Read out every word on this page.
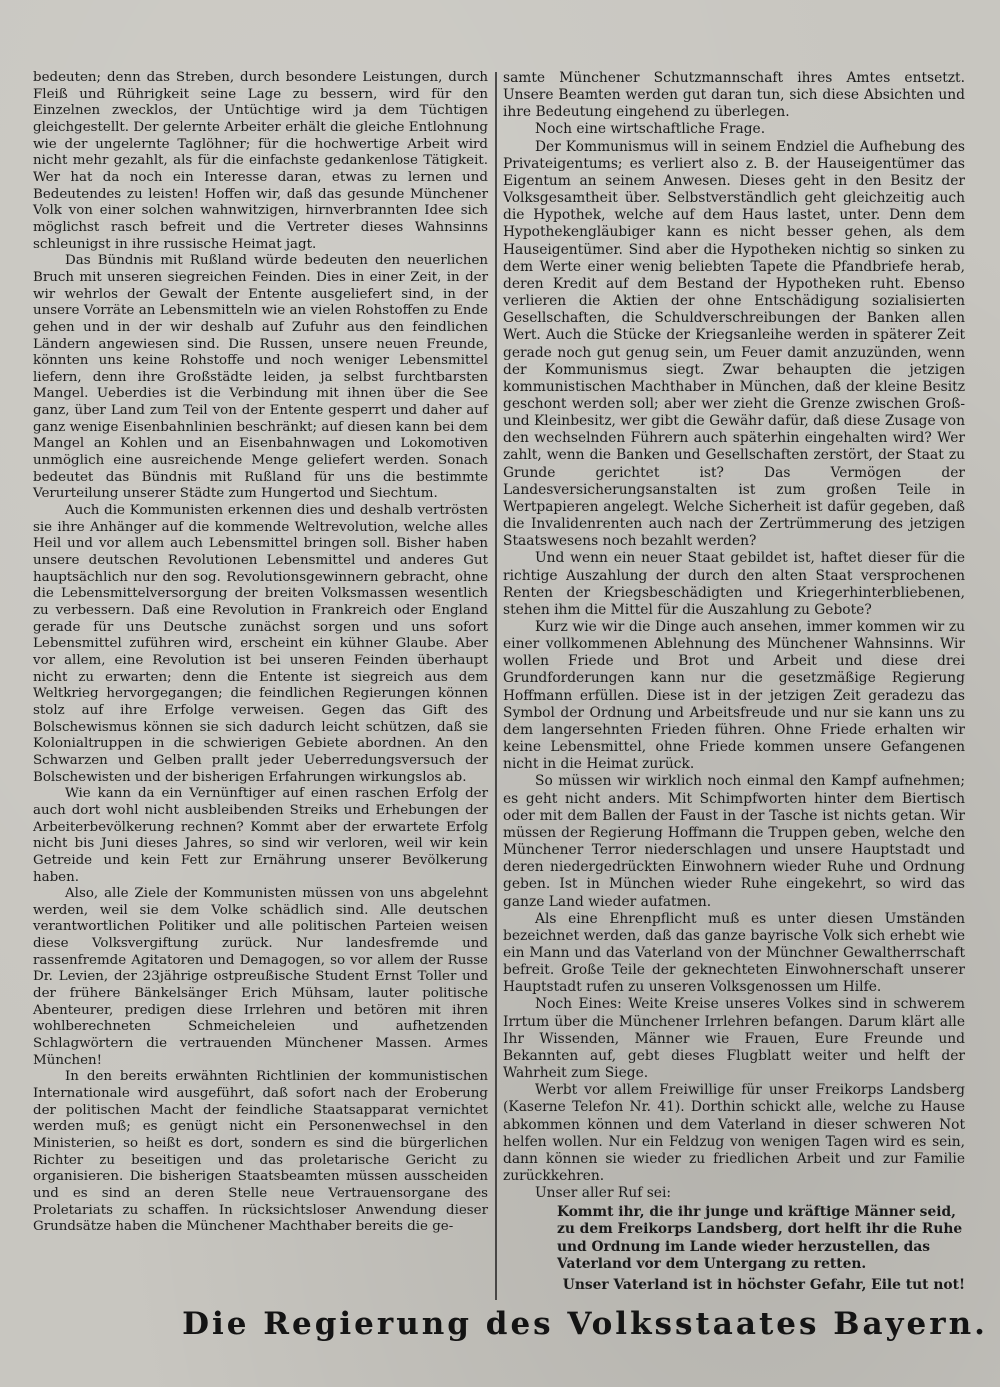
bedeuten; denn das Streben, durch besondere Leistungen, durch Fleiß und Rührigkeit seine Lage zu bessern, wird für den Einzelnen zwecklos, der Untüchtige wird ja dem Tüchtigen gleichgestellt. Der gelernte Arbeiter erhält die gleiche Entlohnung wie der ungelernte Taglöhner; für die hochwertige Arbeit wird nicht mehr gezahlt, als für die einfachste gedankenlose Tätigkeit. Wer hat da noch ein Interesse daran, etwas zu lernen und Bedeutendes zu leisten! Hoffen wir, daß das gesunde Münchener Volk von einer solchen wahnwitzigen, hirnverbrannten Idee sich möglichst rasch befreit und die Vertreter dieses Wahnsinns schleunigst in ihre russische Heimat jagt.

Das Bündnis mit Rußland würde bedeuten den neuerlichen Bruch mit unseren siegreichen Feinden. Dies in einer Zeit, in der wir wehrlos der Gewalt der Entente ausgeliefert sind, in der unsere Vorräte an Lebensmitteln wie an vielen Rohstoffen zu Ende gehen und in der wir deshalb auf Zufuhr aus den feindlichen Ländern angewiesen sind. Die Russen, unsere neuen Freunde, könnten uns keine Rohstoffe und noch weniger Lebensmittel liefern, denn ihre Großstädte leiden, ja selbst furchtbarsten Mangel. Ueberdies ist die Verbindung mit ihnen über die See ganz, über Land zum Teil von der Entente gesperrt und daher auf ganz wenige Eisenbahnlinien beschränkt; auf diesen kann bei dem Mangel an Kohlen und an Eisenbahnwagen und Lokomotiven unmöglich eine ausreichende Menge geliefert werden. Sonach bedeutet das Bündnis mit Rußland für uns die bestimmte Verurteilung unserer Städte zum Hungertod und Siechtum.

Auch die Kommunisten erkennen dies und deshalb vertrösten sie ihre Anhänger auf die kommende Weltrevolution, welche alles Heil und vor allem auch Lebensmittel bringen soll. Bisher haben unsere deutschen Revolutionen Lebensmittel und anderes Gut hauptsächlich nur den sog. Revolutionsgewinnern gebracht, ohne die Lebensmittelversorgung der breiten Volksmassen wesentlich zu verbessern. Daß eine Revolution in Frankreich oder England gerade für uns Deutsche zunächst sorgen und uns sofort Lebensmittel zuführen wird, erscheint ein kühner Glaube. Aber vor allem, eine Revolution ist bei unseren Feinden überhaupt nicht zu erwarten; denn die Entente ist siegreich aus dem Weltkrieg hervorgegangen; die feindlichen Regierungen können stolz auf ihre Erfolge verweisen. Gegen das Gift des Bolschewismus können sie sich dadurch leicht schützen, daß sie Kolonialtruppen in die schwierigen Gebiete abordnen. An den Schwarzen und Gelben prallt jeder Ueberredungsversuch der Bolschewisten und der bisherigen Erfahrungen wirkungslos ab.

Wie kann da ein Vernünftiger auf einen raschen Erfolg der auch dort wohl nicht ausbleibenden Streiks und Erhebungen der Arbeiterbevölkerung rechnen? Kommt aber der erwartete Erfolg nicht bis Juni dieses Jahres, so sind wir verloren, weil wir kein Getreide und kein Fett zur Ernährung unserer Bevölkerung haben.

Also, alle Ziele der Kommunisten müssen von uns abgelehnt werden, weil sie dem Volke schädlich sind. Alle deutschen verantwortlichen Politiker und alle politischen Parteien weisen diese Volksvergiftung zurück. Nur landesfremde und rassenfremde Agitatoren und Demagogen, so vor allem der Russe Dr. Levien, der 23jährige ostpreußische Student Ernst Toller und der frühere Bänkelsänger Erich Mühsam, lauter politische Abenteurer, predigen diese Irrlehren und betören mit ihren wohlberechneten Schmeicheleien und aufhetzenden Schlagwörtern die vertrauenden Münchener Massen. Armes München!

In den bereits erwähnten Richtlinien der kommunistischen Internationale wird ausgeführt, daß sofort nach der Eroberung der politischen Macht der feindliche Staatsapparat vernichtet werden muß; es genügt nicht ein Personenwechsel in den Ministerien, so heißt es dort, sondern es sind die bürgerlichen Richter zu beseitigen und das proletarische Gericht zu organisieren. Die bisherigen Staatsbeamten müssen ausscheiden und es sind an deren Stelle neue Vertrauensorgane des Proletariats zu schaffen. In rücksichtsloser Anwendung dieser Grundsätze haben die Münchener Machthaber bereits die ge-

samte Münchener Schutzmannschaft ihres Amtes entsetzt. Unsere Beamten werden gut daran tun, sich diese Absichten und ihre Bedeutung eingehend zu überlegen.

Noch eine wirtschaftliche Frage.

Der Kommunismus will in seinem Endziel die Aufhebung des Privateigentums; es verliert also z. B. der Hauseigentümer das Eigentum an seinem Anwesen. Dieses geht in den Besitz der Volksgesamtheit über. Selbstverständlich geht gleichzeitig auch die Hypothek, welche auf dem Haus lastet, unter. Denn dem Hypothekengläubiger kann es nicht besser gehen, als dem Hauseigentümer. Sind aber die Hypotheken nichtig so sinken zu dem Werte einer wenig beliebten Tapete die Pfandbriefe herab, deren Kredit auf dem Bestand der Hypotheken ruht. Ebenso verlieren die Aktien der ohne Entschädigung sozialisierten Gesellschaften, die Schuldverschreibungen der Banken allen Wert. Auch die Stücke der Kriegsanleihe werden in späterer Zeit gerade noch gut genug sein, um Feuer damit anzuzünden, wenn der Kommunismus siegt. Zwar behaupten die jetzigen kommunistischen Machthaber in München, daß der kleine Besitz geschont werden soll; aber wer zieht die Grenze zwischen Groß- und Kleinbesitz, wer gibt die Gewähr dafür, daß diese Zusage von den wechselnden Führern auch späterhin eingehalten wird? Wer zahlt, wenn die Banken und Gesellschaften zerstört, der Staat zu Grunde gerichtet ist? Das Vermögen der Landesversicherungsanstalten ist zum großen Teile in Wertpapieren angelegt. Welche Sicherheit ist dafür gegeben, daß die Invalidenrenten auch nach der Zertrümmerung des jetzigen Staatswesens noch bezahlt werden?

Und wenn ein neuer Staat gebildet ist, haftet dieser für die richtige Auszahlung der durch den alten Staat versprochenen Renten der Kriegsbeschädigten und Kriegerhinterbliebenen, stehen ihm die Mittel für die Auszahlung zu Gebote?

Kurz wie wir die Dinge auch ansehen, immer kommen wir zu einer vollkommenen Ablehnung des Münchener Wahnsinns. Wir wollen Friede und Brot und Arbeit und diese drei Grundforderungen kann nur die gesetzmäßige Regierung Hoffmann erfüllen. Diese ist in der jetzigen Zeit geradezu das Symbol der Ordnung und Arbeitsfreude und nur sie kann uns zu dem langersehnten Frieden führen. Ohne Friede erhalten wir keine Lebensmittel, ohne Friede kommen unsere Gefangenen nicht in die Heimat zurück.

So müssen wir wirklich noch einmal den Kampf aufnehmen; es geht nicht anders. Mit Schimpfworten hinter dem Biertisch oder mit dem Ballen der Faust in der Tasche ist nichts getan. Wir müssen der Regierung Hoffmann die Truppen geben, welche den Münchener Terror niederschlagen und unsere Hauptstadt und deren niedergedrückten Einwohnern wieder Ruhe und Ordnung geben. Ist in München wieder Ruhe eingekehrt, so wird das ganze Land wieder aufatmen.

Als eine Ehrenpflicht muß es unter diesen Umständen bezeichnet werden, daß das ganze bayrische Volk sich erhebt wie ein Mann und das Vaterland von der Münchner Gewaltherrschaft befreit. Große Teile der geknechteten Einwohnerschaft unserer Hauptstadt rufen zu unseren Volksgenossen um Hilfe.

Noch Eines: Weite Kreise unseres Volkes sind in schwerem Irrtum über die Münchener Irrlehren befangen. Darum klärt alle Ihr Wissenden, Männer wie Frauen, Eure Freunde und Bekannten auf, gebt dieses Flugblatt weiter und helft der Wahrheit zum Siege.

Werbt vor allem Freiwillige für unser Freikorps Landsberg (Kaserne Telefon Nr. 41). Dorthin schickt alle, welche zu Hause abkommen können und dem Vaterland in dieser schweren Not helfen wollen. Nur ein Feldzug von wenigen Tagen wird es sein, dann können sie wieder zu friedlichen Arbeit und zur Familie zurückkehren.

Unser aller Ruf sei:

Kommt ihr, die ihr junge und kräftige Männer seid, zu dem Freikorps Landsberg, dort helft ihr die Ruhe und Ordnung im Lande wieder herzustellen, das Vaterland vor dem Untergang zu retten.
Unser Vaterland ist in höchster Gefahr, Eile tut not!
Die Regierung des Volksstaates Bayern.
